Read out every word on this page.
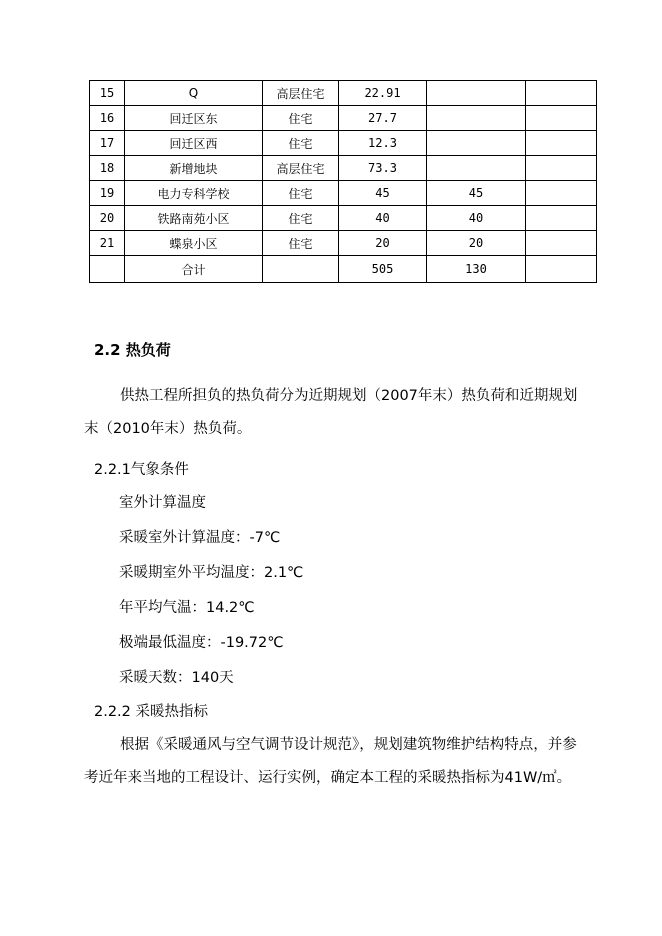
15	Q	高层住宅	22.91		
16	回迁区东	住宅	27.7		
17	回迁区西	住宅	12.3		
18	新增地块	高层住宅	73.3		
19	电力专科学校	住宅	45	45	
20	铁路南苑小区	住宅	40	40	
21	蝶泉小区	住宅	20	20	
	合计		505	130	
2.2 热负荷
供热工程所担负的热负荷分为近期规划（2007年末）热负荷和近期规划末（2010年末）热负荷。
2.2.1气象条件
室外计算温度
采暖室外计算温度：-7℃
采暖期室外平均温度：2.1℃
年平均气温：14.2℃
极端最低温度：-19.72℃
采暖天数：140天
2.2.2 采暖热指标
根据《采暖通风与空气调节设计规范》，规划建筑物维护结构特点，并参考近年来当地的工程设计、运行实例，确定本工程的采暖热指标为41W/㎡。
